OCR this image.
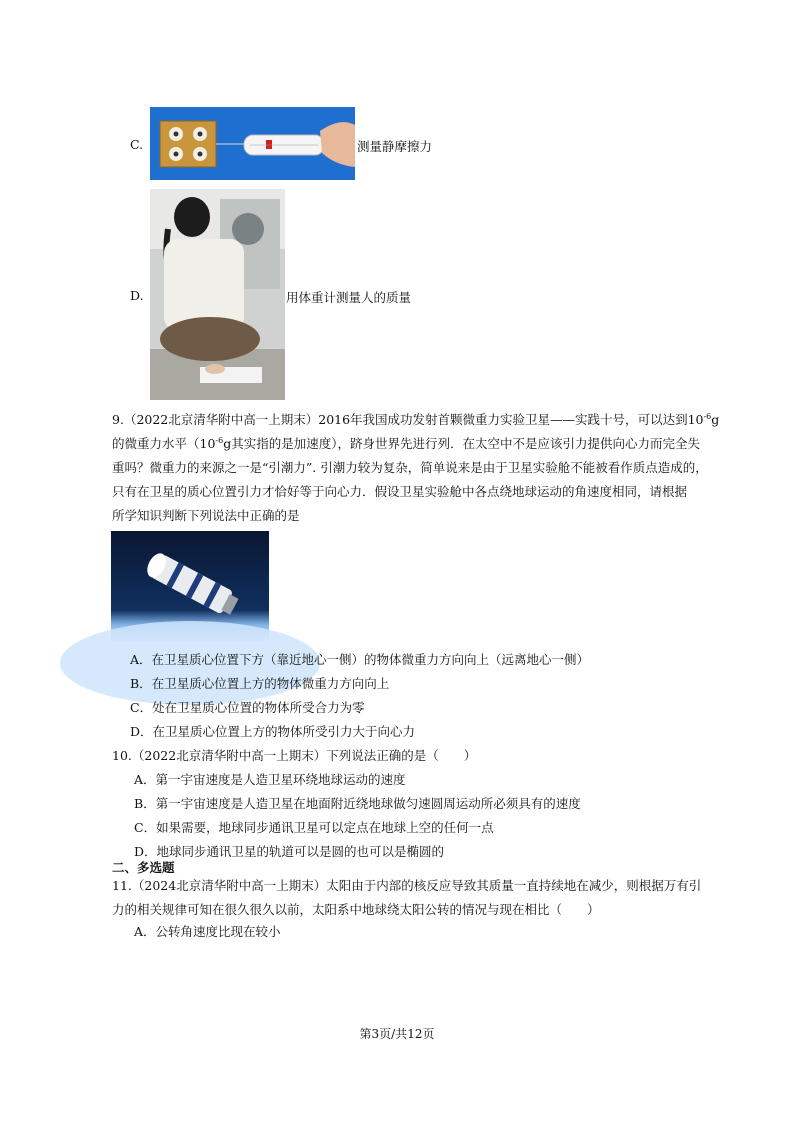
C.	测量静摩擦力
D.	用体重计测量人的质量
9.（2022北京清华附中高一上期末）2016年我国成功发射首颗微重力实验卫星——实践十号，可以达到$10^{-6}g$
的微重力水平（$10^{-6}g$其实指的是加速度），跻身世界先进行列．在太空中不是应该引力提供向心力而完全失
重吗？微重力的来源之一是“引潮力”. 引潮力较为复杂，简单说来是由于卫星实验舱不能被看作质点造成的，
只有在卫星的质心位置引力才恰好等于向心力．假设卫星实验舱中各点绕地球运动的角速度相同，请根据
所学知识判断下列说法中正确的是
A．在卫星质心位置下方（靠近地心一侧）的物体微重力方向向上（远离地心一侧）
B．在卫星质心位置上方的物体微重力方向向上
C．处在卫星质心位置的物体所受合力为零
D．在卫星质心位置上方的物体所受引力大于向心力
10.（2022北京清华附中高一上期末）下列说法正确的是（　　）
A．第一宇宙速度是人造卫星环绕地球运动的速度
B．第一宇宙速度是人造卫星在地面附近绕地球做匀速圆周运动所必须具有的速度
C．如果需要，地球同步通讯卫星可以定点在地球上空的任何一点
D．地球同步通讯卫星的轨道可以是圆的也可以是椭圆的
二、多选题
11.（2024北京清华附中高一上期末）太阳由于内部的核反应导致其质量一直持续地在减少，则根据万有引
力的相关规律可知在很久很久以前，太阳系中地球绕太阳公转的情况与现在相比（　　）
A．公转角速度比现在较小
第3页/共12页
